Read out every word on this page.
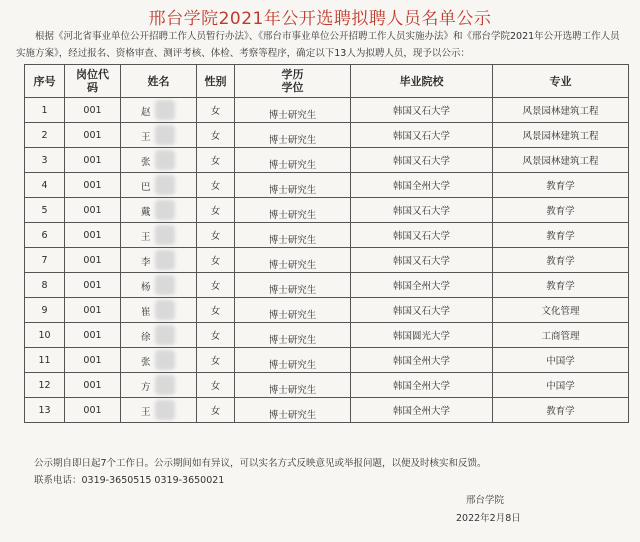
邢台学院2021年公开选聘拟聘人员名单公示

根据《河北省事业单位公开招聘工作人员暂行办法》、《邢台市事业单位公开招聘工作人员实施办法》和《邢台学院2021年公开选聘工作人员实施方案》，经过报名、资格审查、测评考核、体检、考察等程序，确定以下13人为拟聘人员，现予以公示：

序号	岗位代码	姓名	性别	学历学位	毕业院校	专业
1	001	赵	女	博士研究生	韩国又石大学	风景园林建筑工程
2	001	王	女	博士研究生	韩国又石大学	风景园林建筑工程
3	001	张	女	博士研究生	韩国又石大学	风景园林建筑工程
4	001	巴	女	博士研究生	韩国全州大学	教育学
5	001	戴	女	博士研究生	韩国又石大学	教育学
6	001	王	女	博士研究生	韩国又石大学	教育学
7	001	李	女	博士研究生	韩国又石大学	教育学
8	001	杨	女	博士研究生	韩国全州大学	教育学
9	001	崔	女	博士研究生	韩国又石大学	文化管理
10	001	徐	女	博士研究生	韩国圆光大学	工商管理
11	001	张	女	博士研究生	韩国全州大学	中国学
12	001	方	女	博士研究生	韩国全州大学	中国学
13	001	王	女	博士研究生	韩国全州大学	教育学

公示期自即日起7个工作日。公示期间如有异议，可以实名方式反映意见或举报问题，以便及时核实和反馈。

联系电话：0319-3650515 0319-3650021

邢台学院
2022年2月8日
